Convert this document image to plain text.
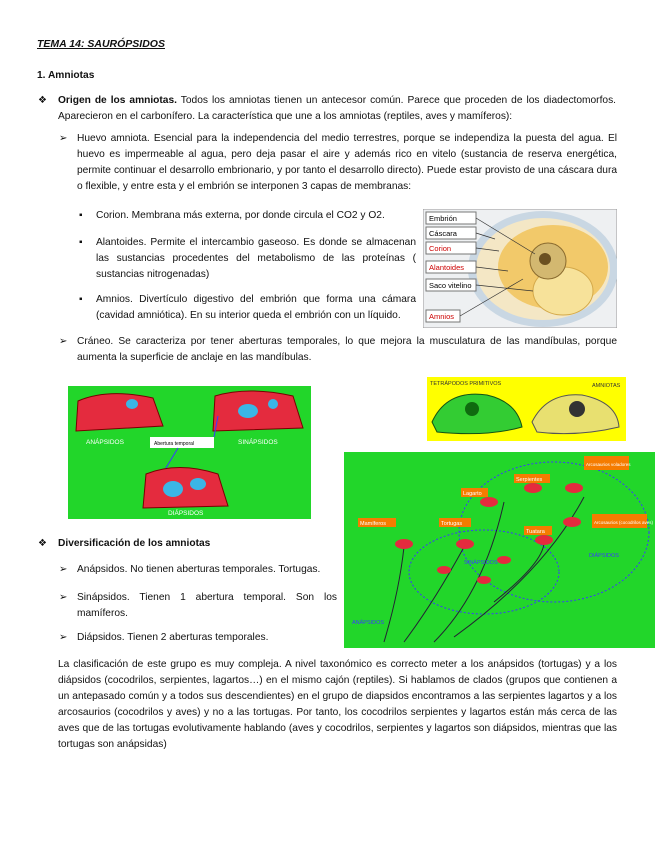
TEMA 14: SAURÓPSIDOS
1. Amniotas
❖ Origen de los amniotas. Todos los amniotas tienen un antecesor común. Parece que proceden de los diadectomorfos. Aparecieron en el carbonífero. La característica que une a los amniotas (reptiles, aves y mamíferos):
➢ Huevo amniota. Esencial para la independencia del medio terrestres, porque se independiza la puesta del agua. El huevo es impermeable al agua, pero deja pasar el aire y además rico en vitelo (sustancia de reserva energética, permite continuar el desarrollo embrionario, y por tanto el desarrollo directo). Puede estar provisto de una cáscara dura o flexible, y entre esta y el embrión se interponen 3 capas de membranas:
▪ Corion. Membrana más externa, por donde circula el CO2 y O2.
▪ Alantoides. Permite el intercambio gaseoso. Es donde se almacenan las sustancias procedentes del metabolismo de las proteínas ( sustancias nitrogenadas)
▪ Amnios. Divertículo digestivo del embrión que forma una cámara (cavidad amniótica). En su interior queda el embrión con un líquido.
Embrión
Cáscara
Corion
Alantoides
Saco vitelino
Amnios
➢ Cráneo. Se caracteriza por tener aberturas temporales, lo que mejora la musculatura de las mandíbulas, porque aumenta la superficie de anclaje en las mandíbulas.
ANÁPSIDOS	SINÁPSIDOS
Abertura temporal
DIÁPSIDOS
TETRÁPODOS PRIMITIVOS	AMNIOTAS
Mamíferos	Tortugas
Lagarto
Serpientes
Tuatara
Arcosaurios voladores
Arcosaurios (cocodrilos aves)
ANÁPSIDOS
SINÁPSIDOS
DIÁPSIDOS
❖ Diversificación de los amniotas
➢ Anápsidos. No tienen aberturas temporales. Tortugas.
➢ Sinápsidos. Tienen 1 abertura temporal. Son los mamíferos.
➢ Diápsidos. Tienen 2 aberturas temporales.
La clasificación de este grupo es muy compleja. A nivel taxonómico es correcto meter a los anápsidos (tortugas) y a los diápsidos (cocodrilos, serpientes, lagartos…) en el mismo cajón (reptiles). Si hablamos de clados (grupos que contienen a un antepasado común y a todos sus descendientes) en el grupo de diapsidos encontramos a las serpientes lagartos y a los arcosaurios (cocodrilos y aves) y no a las tortugas. Por tanto, los cocodrilos serpientes y lagartos están más cerca de las aves que de las tortugas evolutivamente hablando (aves y cocodrilos, serpientes y lagartos son diápsidos, mientras que las tortugas son anápsidas)
